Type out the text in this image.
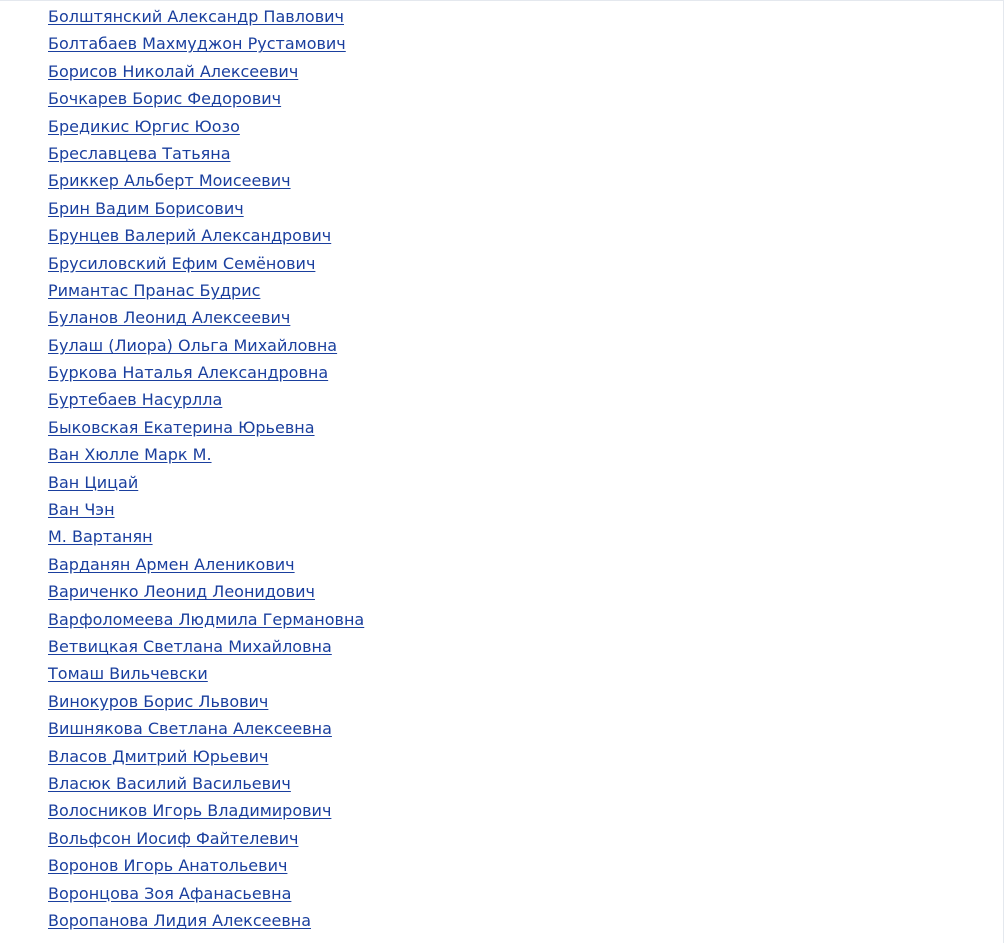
Болштянский Александр Павлович
Болтабаев Махмуджон Рустамович
Борисов Николай Алексеевич
Бочкарев Борис Федорович
Бредикис Юргис Юозо
Бреславцева Татьяна
Бриккер Альберт Моисеевич
Брин Вадим Борисович
Брунцев Валерий Александрович
Брусиловский Ефим Семёнович
Римантас Пранас Будрис
Буланов Леонид Алексеевич
Булаш (Лиора) Ольга Михайловна
Буркова Наталья Александровна
Буртебаев Насурлла
Быковская Екатерина Юрьевна
Ван Хюлле Марк М.
Ван Цицай
Ван Чэн
М. Вартанян
Варданян Армен Аленикович
Вариченко Леонид Леонидович
Варфоломеева Людмила Германовна
Ветвицкая Светлана Михайловна
Томаш Вильчевски
Винокуров Борис Львович
Вишнякова Светлана Алексеевна
Власов Дмитрий Юрьевич
Власюк Василий Васильевич
Волосников Игорь Владимирович
Вольфсон Иосиф Файтелевич
Воронов Игорь Анатольевич
Воронцова Зоя Афанасьевна
Воропанова Лидия Алексеевна
